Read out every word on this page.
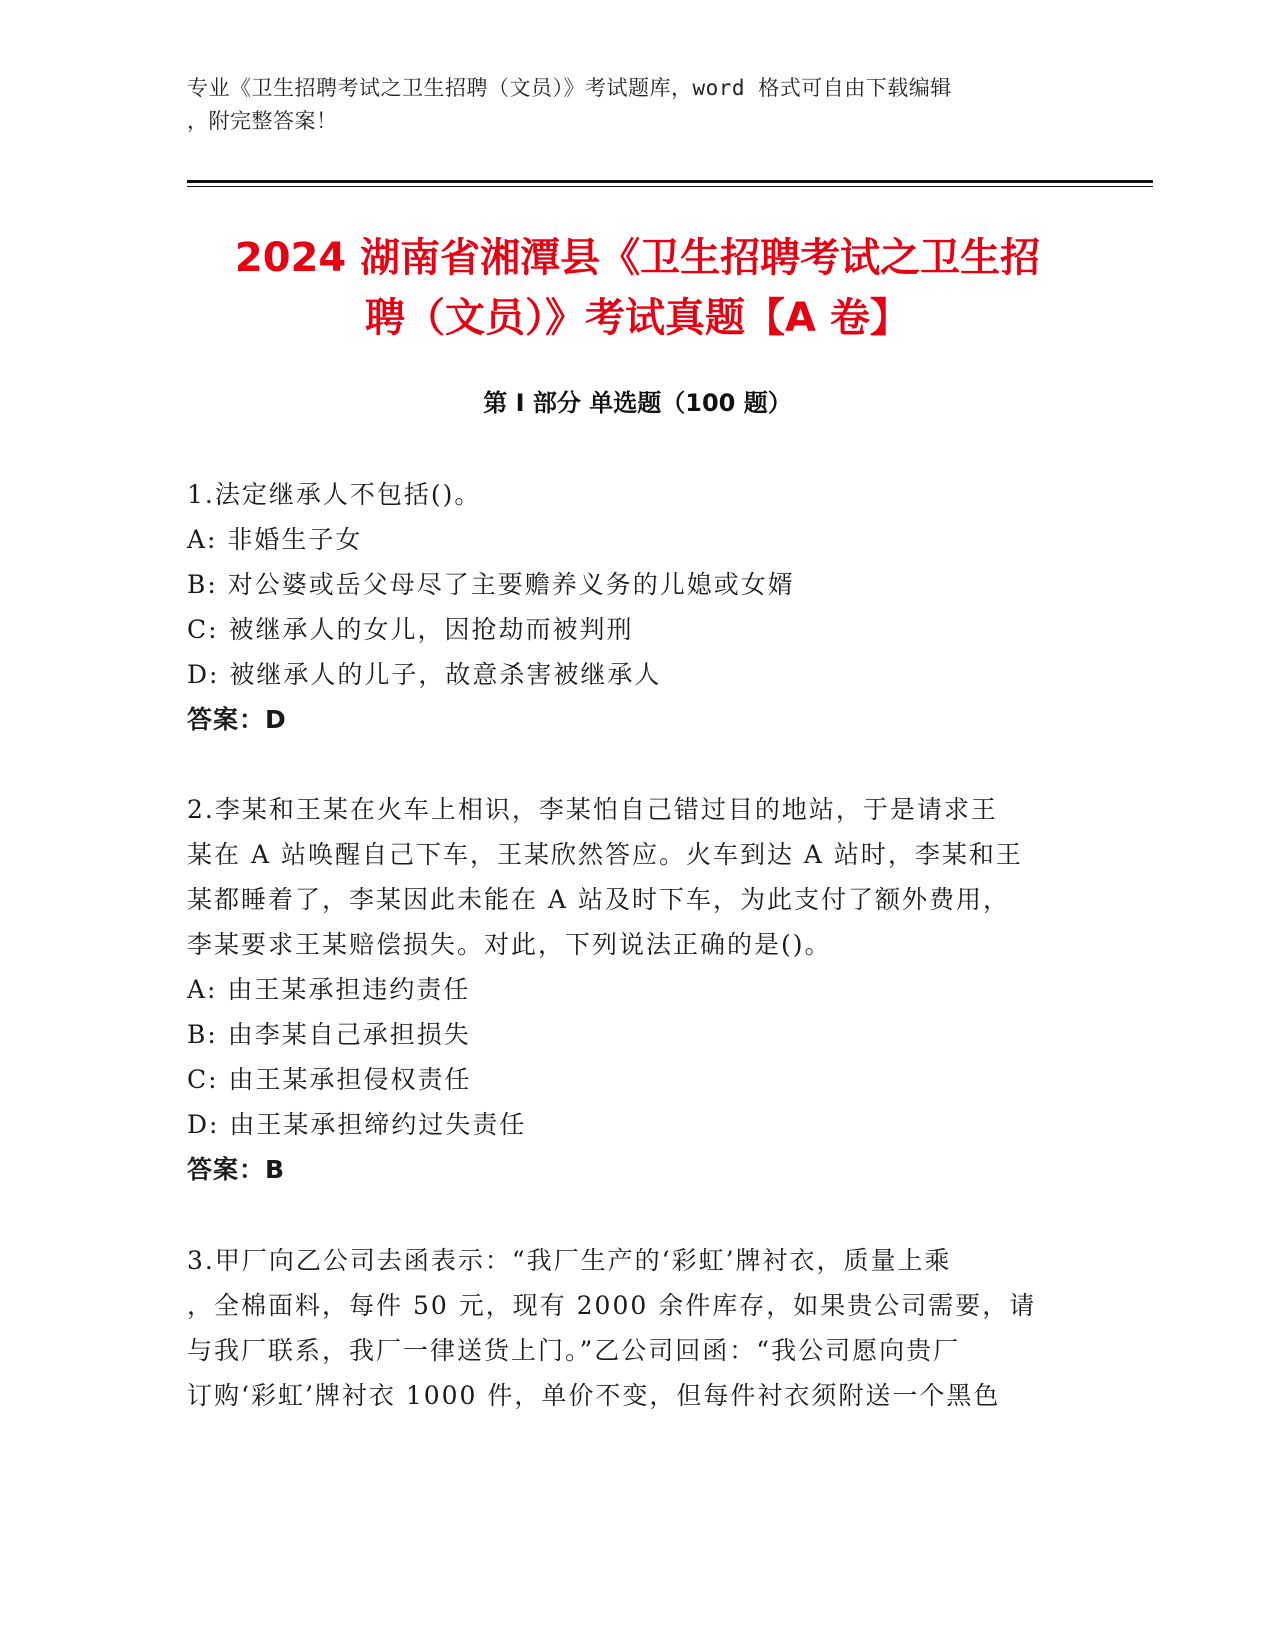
专业《卫生招聘考试之卫生招聘（文员）》考试题库，word 格式可自由下载编辑
，附完整答案！
2024 湖南省湘潭县《卫生招聘考试之卫生招
聘（文员）》考试真题【A 卷】
第 I 部分 单选题（100 题）

1.法定继承人不包括()。

A: 非婚生子女

B: 对公婆或岳父母尽了主要赡养义务的儿媳或女婿

C: 被继承人的女儿，因抢劫而被判刑

D: 被继承人的儿子，故意杀害被继承人

答案：D

2.李某和王某在火车上相识，李某怕自己错过目的地站，于是请求王

某在 A 站唤醒自己下车，王某欣然答应。火车到达 A 站时，李某和王

某都睡着了，李某因此未能在 A 站及时下车，为此支付了额外费用，

李某要求王某赔偿损失。对此，下列说法正确的是()。

A: 由王某承担违约责任

B: 由李某自己承担损失

C: 由王某承担侵权责任

D: 由王某承担缔约过失责任

答案：B

3.甲厂向乙公司去函表示：“我厂生产的‘彩虹’牌衬衣，质量上乘

，全棉面料，每件 50 元，现有 2000 余件库存，如果贵公司需要，请

与我厂联系，我厂一律送货上门。”乙公司回函：“我公司愿向贵厂

订购‘彩虹’牌衬衣 1000 件，单价不变，但每件衬衣须附送一个黑色
